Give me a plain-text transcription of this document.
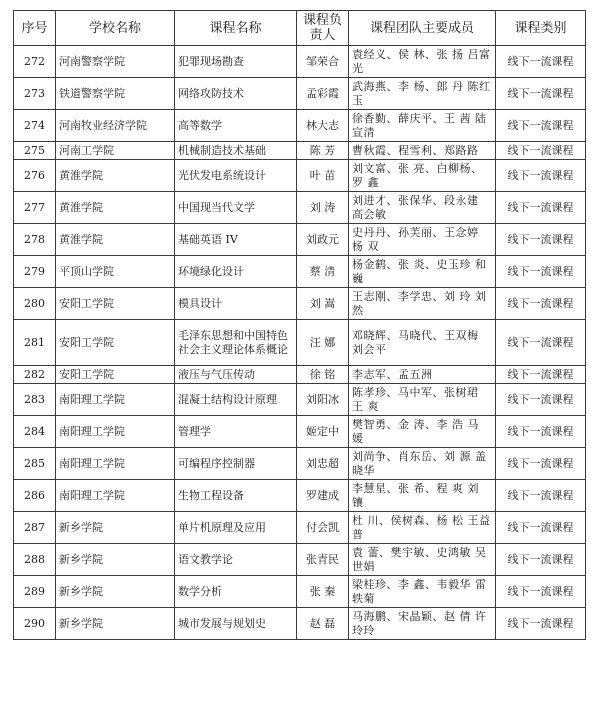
序号	学校名称	课程名称	课程负责人	课程团队主要成员	课程类别
272	河南警察学院	犯罪现场勘查	邹荣合	袁经义、侯 林、张 扬 吕富光	线下一流课程
273	铁道警察学院	网络攻防技术	孟彩霞	武海燕、李 杨、郎 丹 陈红玉	线下一流课程
274	河南牧业经济学院	高等数学	林大志	徐香勤、薛庆平、王 茜 陆宣清	线下一流课程
275	河南工学院	机械制造技术基础	陈 芳	曹秋霞、程雪利、郑路路	线下一流课程
276	黄淮学院	光伏发电系统设计	叶 苗	刘文富、张 亮、白柳杨、罗 鑫	线下一流课程
277	黄淮学院	中国现当代文学	刘 涛	刘进才、张保华、段永建 高会敏	线下一流课程
278	黄淮学院	基础英语 IV	刘政元	史丹丹、孙芙丽、王念婷 杨 双	线下一流课程
279	平顶山学院	环境绿化设计	蔡 清	杨金鹤、张 炎、史玉珍 和 巍	线下一流课程
280	安阳工学院	模具设计	刘 嵩	王志刚、李学忠、刘 玲 刘 然	线下一流课程
281	安阳工学院	毛泽东思想和中国特色社会主义理论体系概论	汪 娜	邓晓辉、马晓代、王双梅 刘会平	线下一流课程
282	安阳工学院	液压与气压传动	徐 铭	李志军、孟五洲	线下一流课程
283	南阳理工学院	混凝土结构设计原理	刘阳冰	陈孝珍、马中军、张树珺 王 爽	线下一流课程
284	南阳理工学院	管理学	姬定中	樊智勇、金 涛、李 浩 马 媛	线下一流课程
285	南阳理工学院	可编程序控制器	刘忠超	刘尚争、肖东岳、刘 源 盖晓华	线下一流课程
286	南阳理工学院	生物工程设备	罗建成	李慧星、张 希、程 爽 刘 镶	线下一流课程
287	新乡学院	单片机原理及应用	付会凯	杜 川、侯树森、杨 松 王益普	线下一流课程
288	新乡学院	语文教学论	张青民	袁 蕾、樊宇敏、史鸿敏 吴世娟	线下一流课程
289	新乡学院	数学分析	张 秦	梁桂珍、李 鑫、韦毅华 雷轶菊	线下一流课程
290	新乡学院	城市发展与规划史	赵 磊	马海鹏、宋晶颖、赵 倩 许玲玲	线下一流课程
